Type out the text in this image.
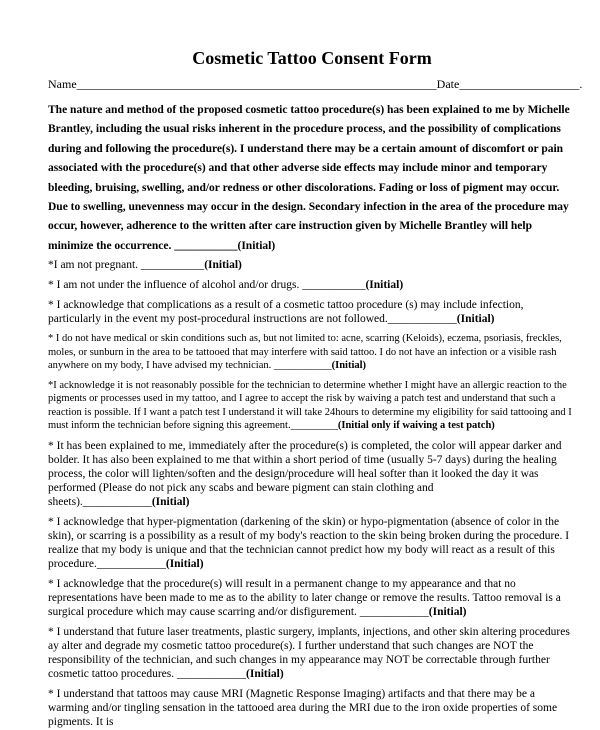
Cosmetic Tattoo Consent Form
Name____________________________________________________________Date____________________.
The nature and method of the proposed cosmetic tattoo procedure(s) has been explained to me by Michelle Brantley, including the usual risks inherent in the procedure process, and the possibility of complications during and following the procedure(s). I understand there may be a certain amount of discomfort or pain associated with the procedure(s) and that other adverse side effects may include minor and temporary bleeding, bruising, swelling, and/or redness or other discolorations. Fading or loss of pigment may occur. Due to swelling, unevenness may occur in the design. Secondary infection in the area of the procedure may occur, however, adherence to the written after care instruction given by Michelle Brantley will help minimize the occurrence. ___________(Initial)
*I am not pregnant. ___________(Initial)
* I am not under the influence of alcohol and/or drugs. ___________(Initial)
* I acknowledge that complications as a result of a cosmetic tattoo procedure (s) may include infection, particularly in the event my post-procedural instructions are not followed.____________(Initial)
* I do not have medical or skin conditions such as, but not limited to: acne, scarring (Keloids), eczema, psoriasis, freckles, moles, or sunburn in the area to be tattooed that may interfere with said tattoo. I do not have an infection or a visible rash anywhere on my body, I have advised my technician. ___________(Initial)
*I acknowledge it is not reasonably possible for the technician to determine whether I might have an allergic reaction to the pigments or processes used in my tattoo, and I agree to accept the risk by waiving a patch test and understand that such a reaction is possible. If I want a patch test I understand it will take 24hours to determine my eligibility for said tattooing and I must inform the technician before signing this agreement._________(Initial only if waiving a test patch)
* It has been explained to me, immediately after the procedure(s) is completed, the color will appear darker and bolder. It has also been explained to me that within a short period of time (usually 5-7 days) during the healing process, the color will lighten/soften and the design/procedure will heal softer than it looked the day it was performed (Please do not pick any scabs and beware pigment can stain clothing and sheets).____________(Initial)
* I acknowledge that hyper-pigmentation (darkening of the skin) or hypo-pigmentation (absence of color in the skin), or scarring is a possibility as a result of my body's reaction to the skin being broken during the procedure. I realize that my body is unique and that the technician cannot predict how my body will react as a result of this procedure.____________(Initial)
* I acknowledge that the procedure(s) will result in a permanent change to my appearance and that no representations have been made to me as to the ability to later change or remove the results. Tattoo removal is a surgical procedure which may cause scarring and/or disfigurement. ____________(Initial)
* I understand that future laser treatments, plastic surgery, implants, injections, and other skin altering procedures ay alter and degrade my cosmetic tattoo procedure(s). I further understand that such changes are NOT the responsibility of the technician, and such changes in my appearance may NOT be correctable through further cosmetic tattoo procedures. ____________(Initial)
* I understand that tattoos may cause MRI (Magnetic Response Imaging) artifacts and that there may be a warming and/or tingling sensation in the tattooed area during the MRI due to the iron oxide properties of some pigments. It is
